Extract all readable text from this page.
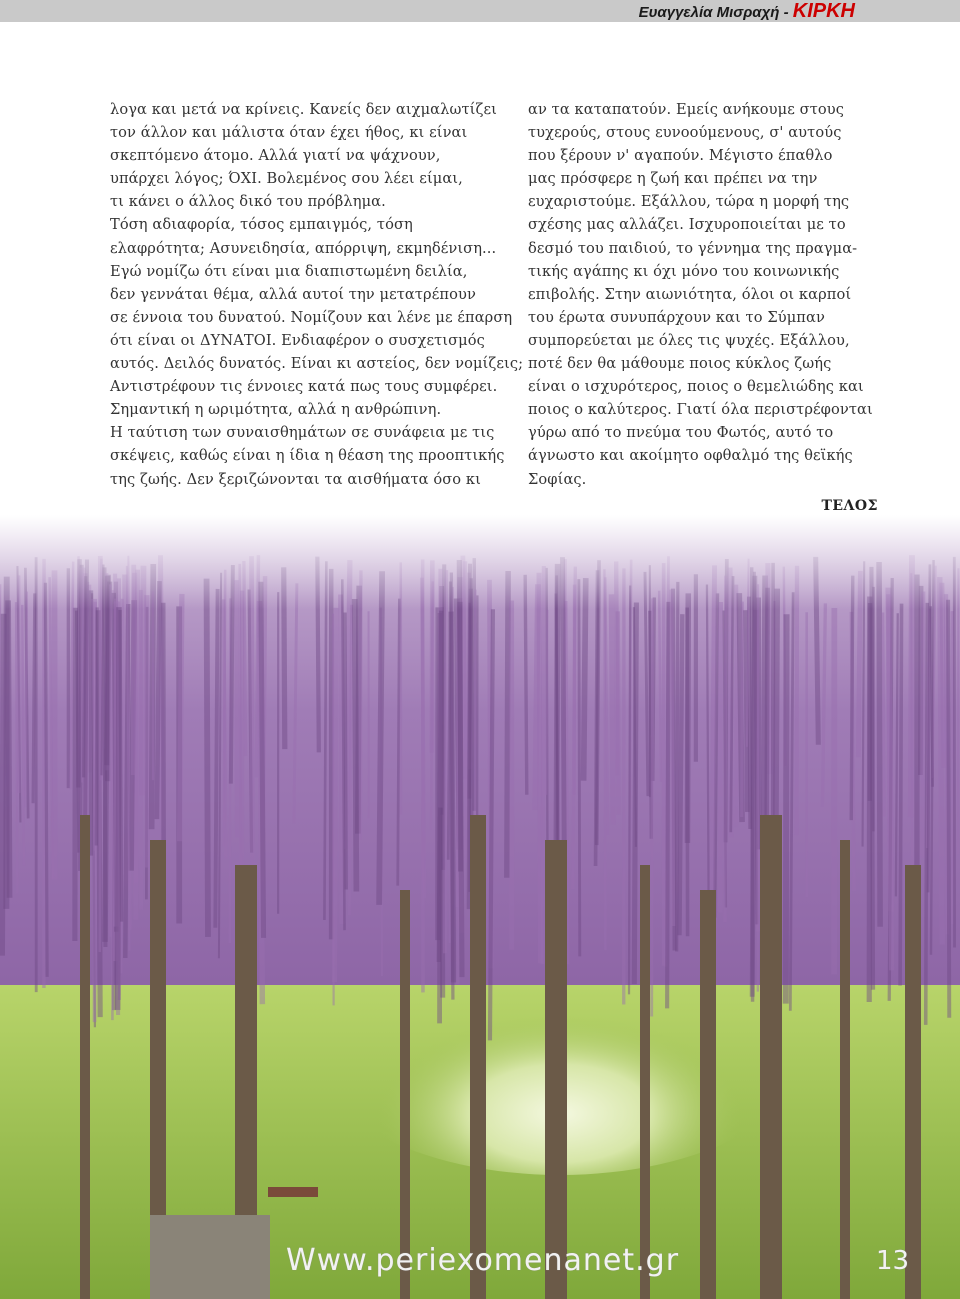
Ευαγγελία Μισραχή - ΚΙΡΚΗ

λογα και μετά να κρίνεις. Κανείς δεν αιχμαλωτίζει

τον άλλον και μάλιστα όταν έχει ήθος, κι είναι

σκεπτόμενο άτομο. Αλλά γιατί να ψάχνουν,

υπάρχει λόγος; ΌΧΙ. Βολεμένος σου λέει είμαι,

τι κάνει ο άλλος δικό του πρόβλημα.

Τόση αδιαφορία, τόσος εμπαιγμός, τόση

ελαφρότητα; Ασυνειδησία, απόρριψη, εκμηδένιση...

Εγώ νομίζω ότι είναι μια διαπιστωμένη δειλία,

δεν γεννάται θέμα, αλλά αυτοί την μετατρέπουν

σε έννοια του δυνατού. Νομίζουν και λένε με έπαρση

ότι είναι οι ΔΥΝΑΤΟΙ. Ενδιαφέρον ο συσχετισμός

αυτός. Δειλός δυνατός. Είναι κι αστείος, δεν νομίζεις;

Αντιστρέφουν τις έννοιες κατά πως τους συμφέρει.

Σημαντική η ωριμότητα, αλλά η ανθρώπινη.

Η ταύτιση των συναισθημάτων σε συνάφεια με τις

σκέψεις, καθώς είναι η ίδια η θέαση της προοπτικής

της ζωής. Δεν ξεριζώνονται τα αισθήματα όσο κι

αν τα καταπατούν. Εμείς ανήκουμε στους

τυχερούς, στους ευνοούμενους, σ' αυτούς

που ξέρουν ν' αγαπούν. Μέγιστο έπαθλο

μας πρόσφερε η ζωή και πρέπει να την

ευχαριστούμε. Εξάλλου, τώρα η μορφή της

σχέσης μας αλλάζει. Ισχυροποιείται με το

δεσμό του παιδιού, το γέννημα της πραγμα-

τικής αγάπης κι όχι μόνο του κοινωνικής

επιβολής. Στην αιωνιότητα, όλοι οι καρποί

του έρωτα συνυπάρχουν και το Σύμπαν

συμπορεύεται με όλες τις ψυχές. Εξάλλου,

ποτέ δεν θα μάθουμε ποιος κύκλος ζωής

είναι ο ισχυρότερος, ποιος ο θεμελιώδης και

ποιος ο καλύτερος. Γιατί όλα περιστρέφονται

γύρω από το πνεύμα του Φωτός, αυτό το

άγνωστο και ακοίμητο οφθαλμό της θεϊκής

Σοφίας.

ΤΕΛΟΣ
Www.periexomenanet.gr	13
